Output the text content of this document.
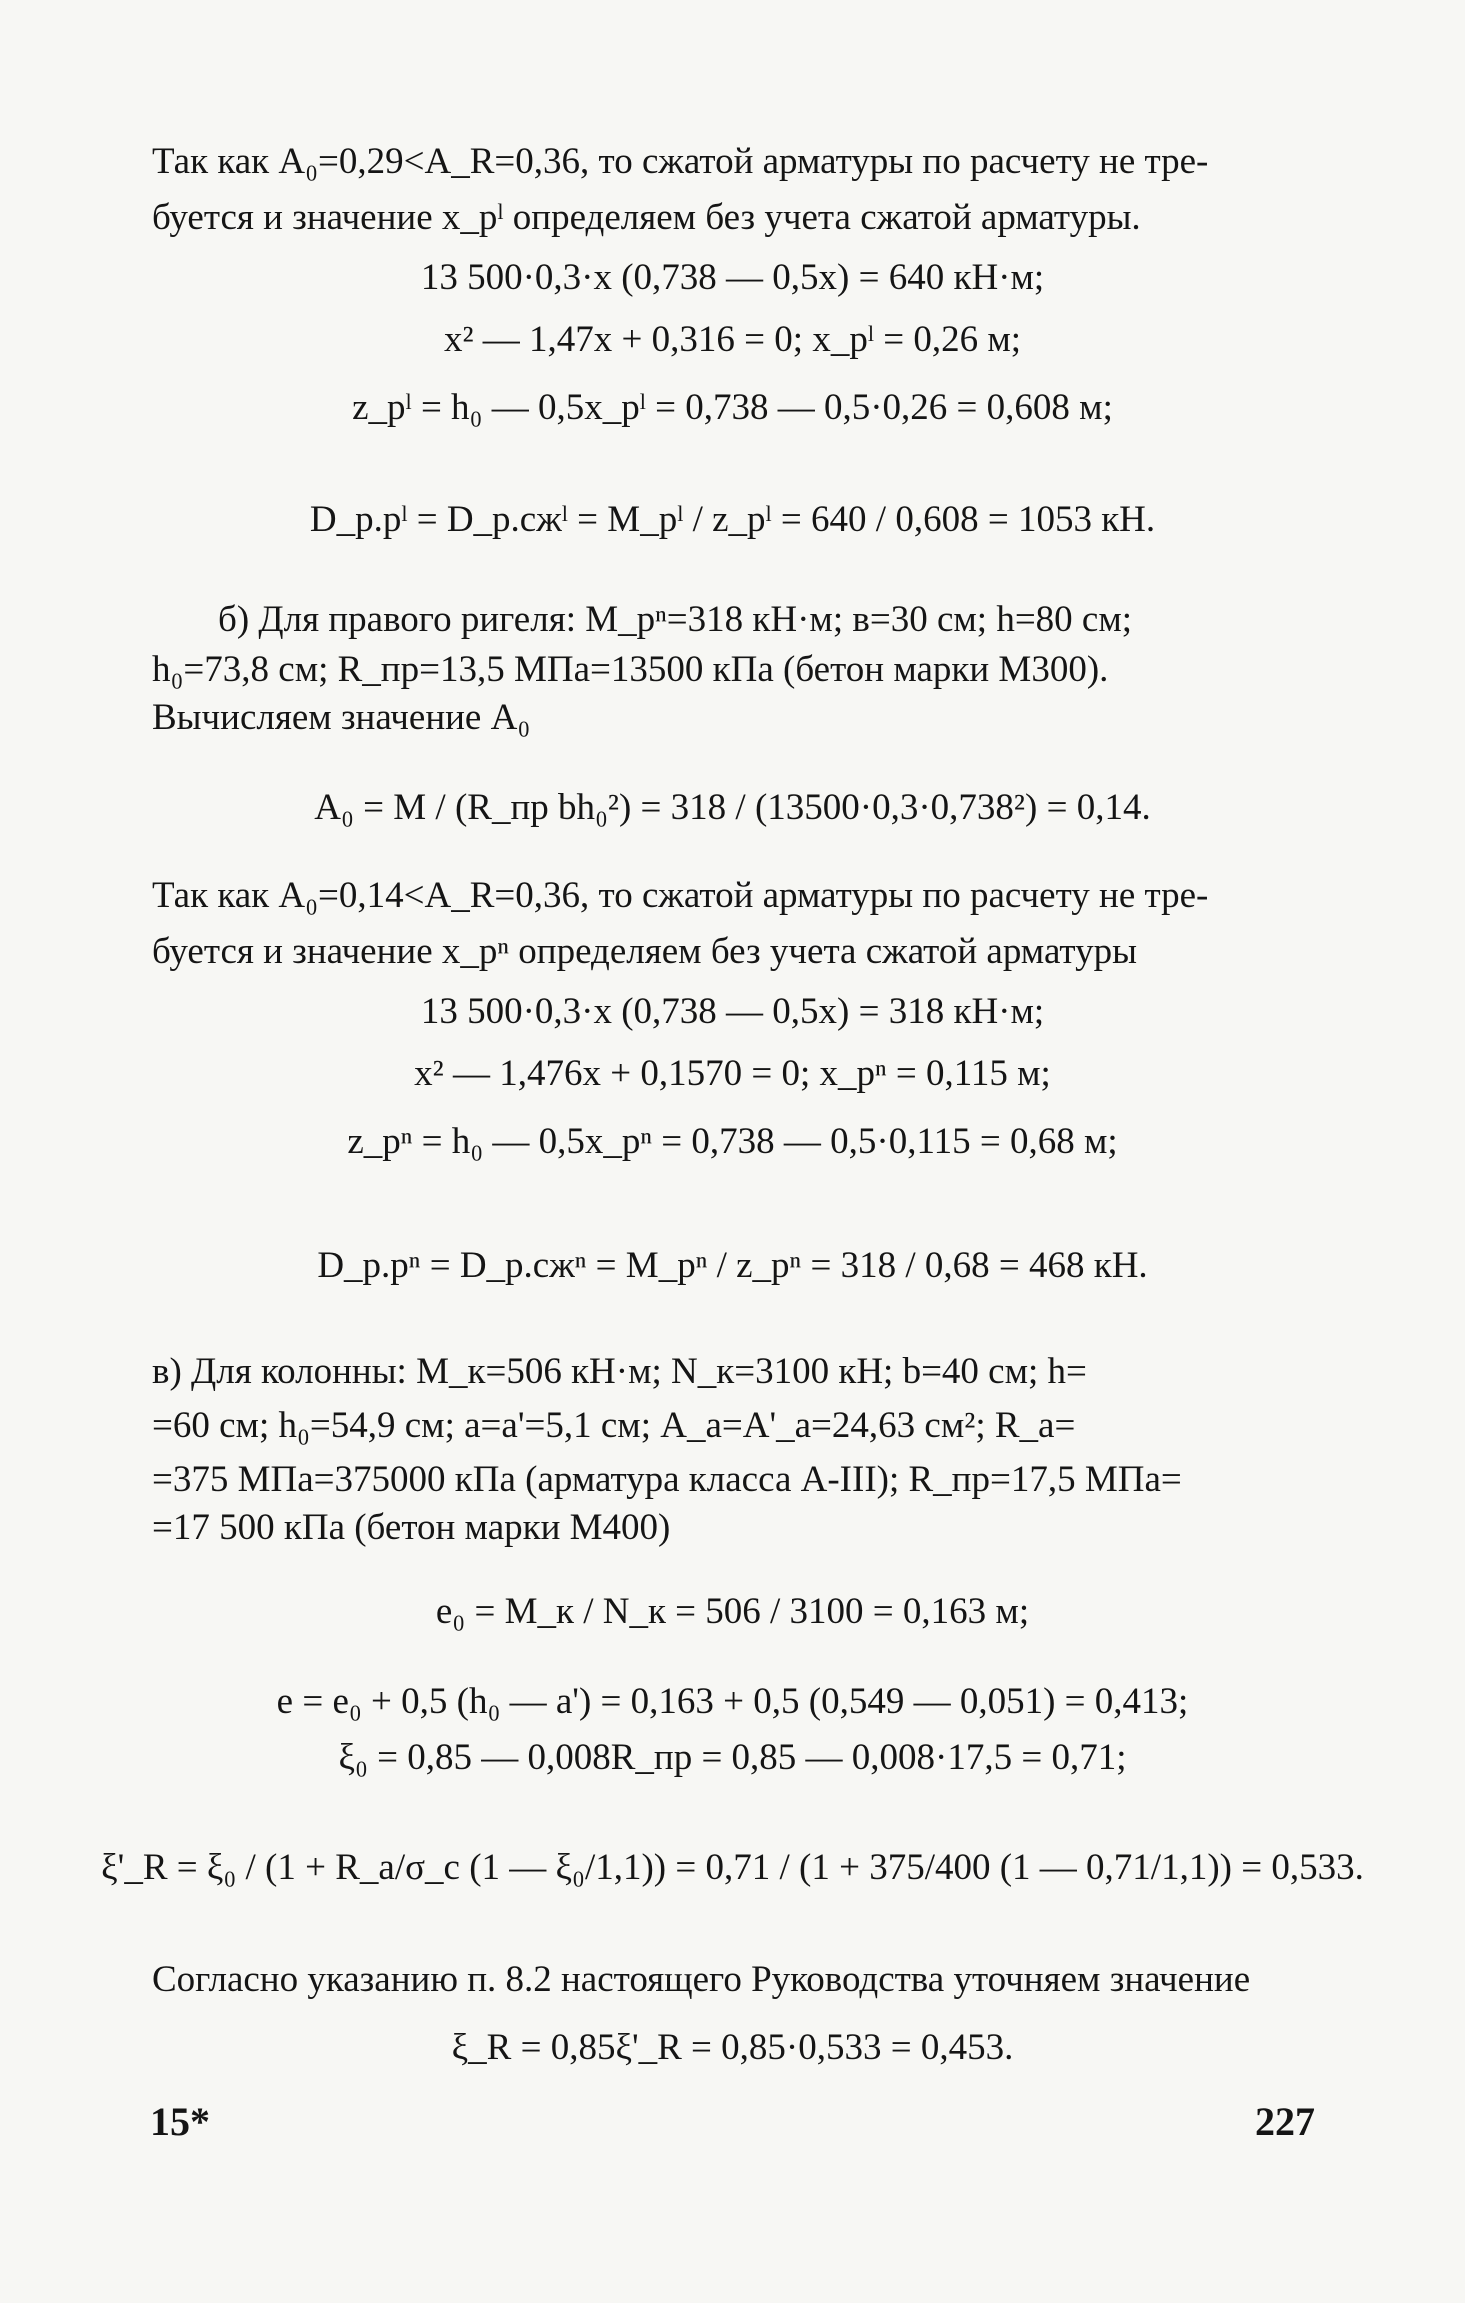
Так как A₀=0,29<A_R=0,36, то сжатой арматуры по расчету не тре-
буется и значение x_рˡ определяем без учета сжатой арматуры.
13 500·0,3·x (0,738 — 0,5x) = 640 кН·м;
x² — 1,47x + 0,316 = 0; x_рˡ = 0,26 м;
z_рˡ = h₀ — 0,5x_рˡ = 0,738 — 0,5·0,26 = 0,608 м;
D_р.рˡ = D_р.сжˡ = M_рˡ / z_рˡ = 640 / 0,608 = 1053 кН.
б) Для правого ригеля: M_рⁿ=318 кН·м; в=30 см; h=80 см;
h₀=73,8 см; R_пр=13,5 МПа=13500 кПа (бетон марки М300).
Вычисляем значение A₀
A₀ = M / (R_пр bh₀²) = 318 / (13500·0,3·0,738²) = 0,14.
Так как A₀=0,14<A_R=0,36, то сжатой арматуры по расчету не тре-
буется и значение x_рⁿ определяем без учета сжатой арматуры
13 500·0,3·x (0,738 — 0,5x) = 318 кН·м;
x² — 1,476x + 0,1570 = 0; x_рⁿ = 0,115 м;
z_рⁿ = h₀ — 0,5x_рⁿ = 0,738 — 0,5·0,115 = 0,68 м;
D_р.рⁿ = D_р.сжⁿ = M_рⁿ / z_рⁿ = 318 / 0,68 = 468 кН.
в) Для колонны: M_к=506 кН·м; N_к=3100 кН; b=40 см; h=
=60 см; h₀=54,9 см; a=a'=5,1 см; A_a=A'_a=24,63 см²; R_a=
=375 МПа=375000 кПа (арматура класса А-III); R_пр=17,5 МПа=
=17 500 кПа (бетон марки М400)
e₀ = M_к / N_к = 506 / 3100 = 0,163 м;
e = e₀ + 0,5 (h₀ — a') = 0,163 + 0,5 (0,549 — 0,051) = 0,413;
ξ₀ = 0,85 — 0,008R_пр = 0,85 — 0,008·17,5 = 0,71;
ξ'_R = ξ₀ / (1 + R_a/σ_c (1 — ξ₀/1,1)) = 0,71 / (1 + 375/400 (1 — 0,71/1,1)) = 0,533.
Согласно указанию п. 8.2 настоящего Руководства уточняем значение
ξ_R = 0,85ξ'_R = 0,85·0,533 = 0,453.
15*	227
